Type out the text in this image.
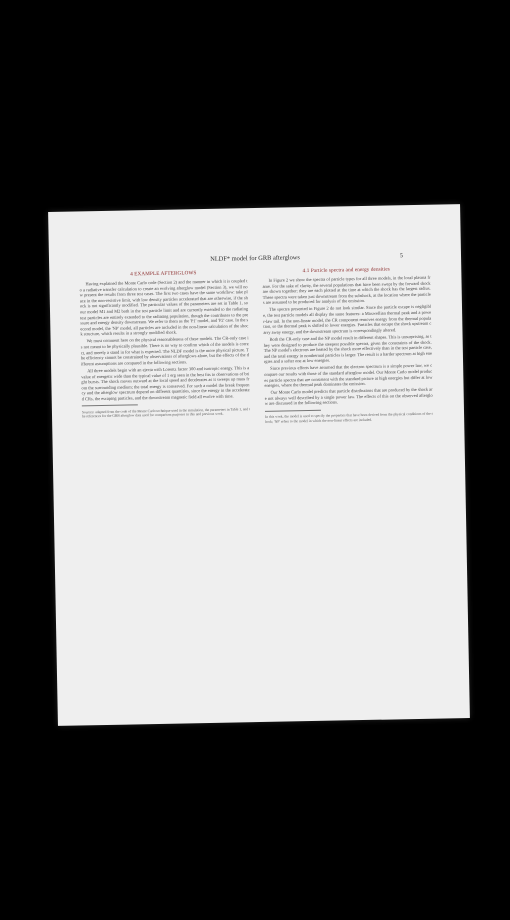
NLDF* model for GRB afterglows	5
4 EXAMPLE AFTERGLOWS

Having explained the Monte Carlo code (Section 2) and the manner in which it is coupled to a radiative transfer calculation to create an evolving afterglow model (Section 3), we will now present the results from three test cases. The first two cases have the same workflow: take place in the non-resistive limit, with low density particles accelerated that are otherwise, if the shock is not significantly modified. The particular values of the parameters are set in Table 1, so our model M1 and M2 both in the test particle limit and are currently extended to the radiating test particles are entirely extended to the radiating population, though the contributes to the pressure and energy density downstream. We refer to them as the 'P1' model, and 'P2' case. In the second model, the 'NP' model, all particles are included in the non-linear calculation of the shock structure, which results in a strongly modified shock.

We must comment here on the physical reasonableness of these models. The CR-only case is not meant to be physically plausible. There is no way to confirm which of the models is correct, and merely a stand in for what is expected. The NLDF model is the more physical picture. The efficiency cannot be constrained by observations of afterglows alone, but the effects of the different assumptions are compared in the following sections.

All three models begin with an ejecta with Lorentz factor 300 and isotropic energy. This is a value of energetic wide than the typical value of 1 erg seen in the best fits to observations of bright bursts. The shock moves outward at the local speed and decelerates as it sweeps up mass from the surrounding medium; the total energy is conserved. For such a model the break frequency and the afterglow spectrum depend on different quantities, since the energy in the accelerated CRs, the escaping particles, and the downstream magnetic field all evolve with time.

Sources: adapted from the code of the Monte Carlo technique used in the simulation, the parameters in Table 1, and the references for the GRB afterglow data used for comparison purposes in this and previous work.

4.1 Particle spectra and energy densities

In Figure 2 we show the spectra of particle types for all three models, in the local plasma frame. For the sake of clarity, the several populations that have been swept by the forward shock are shown together; they are each plotted at the time at which the shock has the largest radius. These spectra were taken just downstream from the subshock, at the location where the particles are assumed to be produced for analysis of the emission.

The spectra presented in Figure 2 do not look similar. Since the particle escape is negligible, the test particle models all display the same features: a Maxwellian thermal peak and a power-law tail. In the non-linear model, the CR component removes energy from the thermal population, so the thermal peak is shifted to lower energies. Particles that escape the shock upstream carry away energy, and the downstream spectrum is correspondingly altered.

Both the CR-only case and the NP model result in different shapes. This is unsurprising, as they were designed to produce the steepest possible spectra, given the constraints of the shock. The NP model's electrons are heated by the shock more effectively than in the test particle case, and the total energy in nonthermal particles is larger. The result is a harder spectrum at high energies and a softer one at low energies.

Since previous efforts have assumed that the electron spectrum is a simple power law, we compare our results with those of the standard afterglow model. Our Monte Carlo model produces particle spectra that are consistent with the standard picture at high energies but differ at low energies, where the thermal peak dominates the emission.

Our Monte Carlo model predicts that particle distributions that are produced by the shock are not always well described by a single power law. The effects of this on the observed afterglow are discussed in the following sections.

In this work, the model is used to specify the properties that have been derived from the physical conditions of the shock; 'NP' refers to the model in which the non-linear effects are included.
